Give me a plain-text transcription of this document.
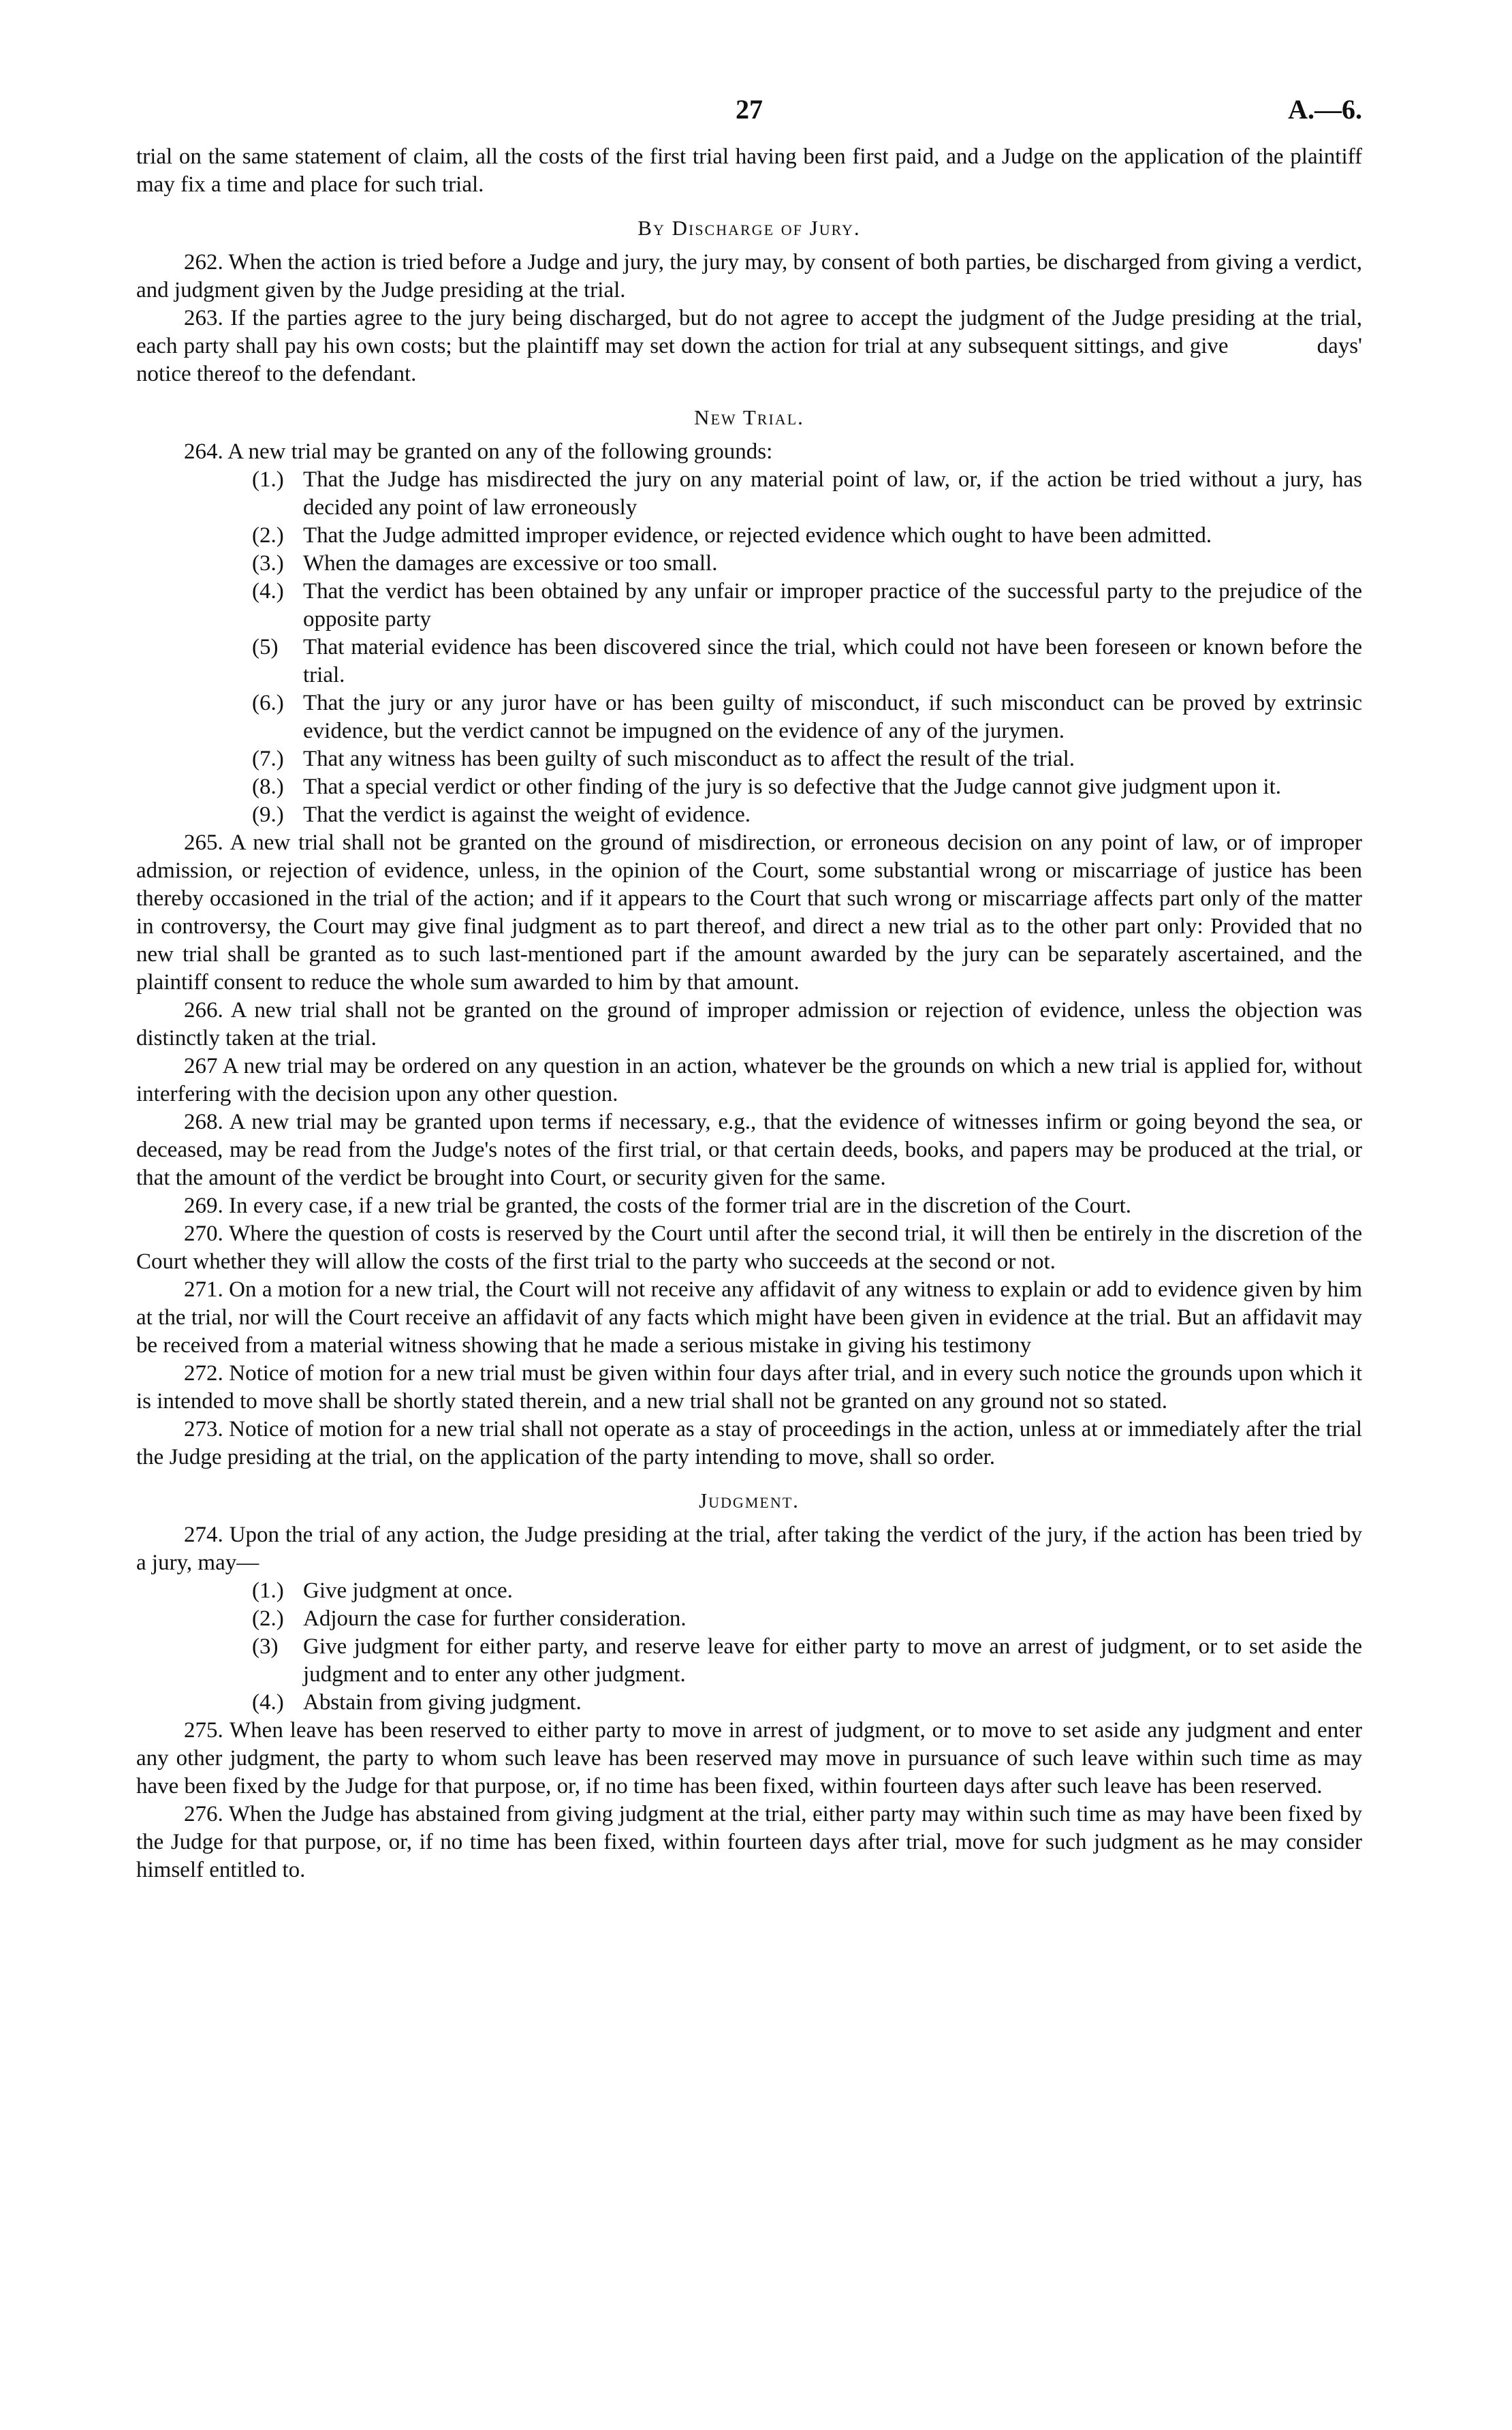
27	A.—6.

trial on the same statement of claim, all the costs of the first trial having been first paid, and a Judge on the application of the plaintiff may fix a time and place for such trial.

By Discharge of Jury.

262. When the action is tried before a Judge and jury, the jury may, by consent of both parties, be discharged from giving a verdict, and judgment given by the Judge presiding at the trial.

263. If the parties agree to the jury being discharged, but do not agree to accept the judgment of the Judge presiding at the trial, each party shall pay his own costs; but the plaintiff may set down the action for trial at any subsequent sittings, and give	days' notice thereof to the defendant.

New Trial.

264. A new trial may be granted on any of the following grounds:

(1.) That the Judge has misdirected the jury on any material point of law, or, if the action be tried without a jury, has decided any point of law erroneously
(2.) That the Judge admitted improper evidence, or rejected evidence which ought to have been admitted.
(3.) When the damages are excessive or too small.
(4.) That the verdict has been obtained by any unfair or improper practice of the successful party to the prejudice of the opposite party
(5)	That material evidence has been discovered since the trial, which could not have been foreseen or known before the trial.
(6.) That the jury or any juror have or has been guilty of misconduct, if such misconduct can be proved by extrinsic evidence, but the verdict cannot be impugned on the evidence of any of the jurymen.
(7.) That any witness has been guilty of such misconduct as to affect the result of the trial.
(8.) That a special verdict or other finding of the jury is so defective that the Judge cannot give judgment upon it.
(9.) That the verdict is against the weight of evidence.

265. A new trial shall not be granted on the ground of misdirection, or erroneous decision on any point of law, or of improper admission, or rejection of evidence, unless, in the opinion of the Court, some substantial wrong or miscarriage of justice has been thereby occasioned in the trial of the action; and if it appears to the Court that such wrong or miscarriage affects part only of the matter in controversy, the Court may give final judgment as to part thereof, and direct a new trial as to the other part only: Provided that no new trial shall be granted as to such last-mentioned part if the amount awarded by the jury can be separately ascertained, and the plaintiff consent to reduce the whole sum awarded to him by that amount.

266. A new trial shall not be granted on the ground of improper admission or rejection of evidence, unless the objection was distinctly taken at the trial.

267 A new trial may be ordered on any question in an action, whatever be the grounds on which a new trial is applied for, without interfering with the decision upon any other question.

268. A new trial may be granted upon terms if necessary, e.g., that the evidence of witnesses infirm or going beyond the sea, or deceased, may be read from the Judge's notes of the first trial, or that certain deeds, books, and papers may be produced at the trial, or that the amount of the verdict be brought into Court, or security given for the same.

269. In every case, if a new trial be granted, the costs of the former trial are in the discretion of the Court.

270. Where the question of costs is reserved by the Court until after the second trial, it will then be entirely in the discretion of the Court whether they will allow the costs of the first trial to the party who succeeds at the second or not.

271. On a motion for a new trial, the Court will not receive any affidavit of any witness to explain or add to evidence given by him at the trial, nor will the Court receive an affidavit of any facts which might have been given in evidence at the trial. But an affidavit may be received from a material witness showing that he made a serious mistake in giving his testimony

272. Notice of motion for a new trial must be given within four days after trial, and in every such notice the grounds upon which it is intended to move shall be shortly stated therein, and a new trial shall not be granted on any ground not so stated.

273. Notice of motion for a new trial shall not operate as a stay of proceedings in the action, unless at or immediately after the trial the Judge presiding at the trial, on the application of the party intending to move, shall so order.

Judgment.

274. Upon the trial of any action, the Judge presiding at the trial, after taking the verdict of the jury, if the action has been tried by a jury, may—

(1.) Give judgment at once.
(2.) Adjourn the case for further consideration.
(3)	Give judgment for either party, and reserve leave for either party to move an arrest of judgment, or to set aside the judgment and to enter any other judgment.
(4.) Abstain from giving judgment.

275. When leave has been reserved to either party to move in arrest of judgment, or to move to set aside any judgment and enter any other judgment, the party to whom such leave has been reserved may move in pursuance of such leave within such time as may have been fixed by the Judge for that purpose, or, if no time has been fixed, within fourteen days after such leave has been reserved.

276. When the Judge has abstained from giving judgment at the trial, either party may within such time as may have been fixed by the Judge for that purpose, or, if no time has been fixed, within fourteen days after trial, move for such judgment as he may consider himself entitled to.
